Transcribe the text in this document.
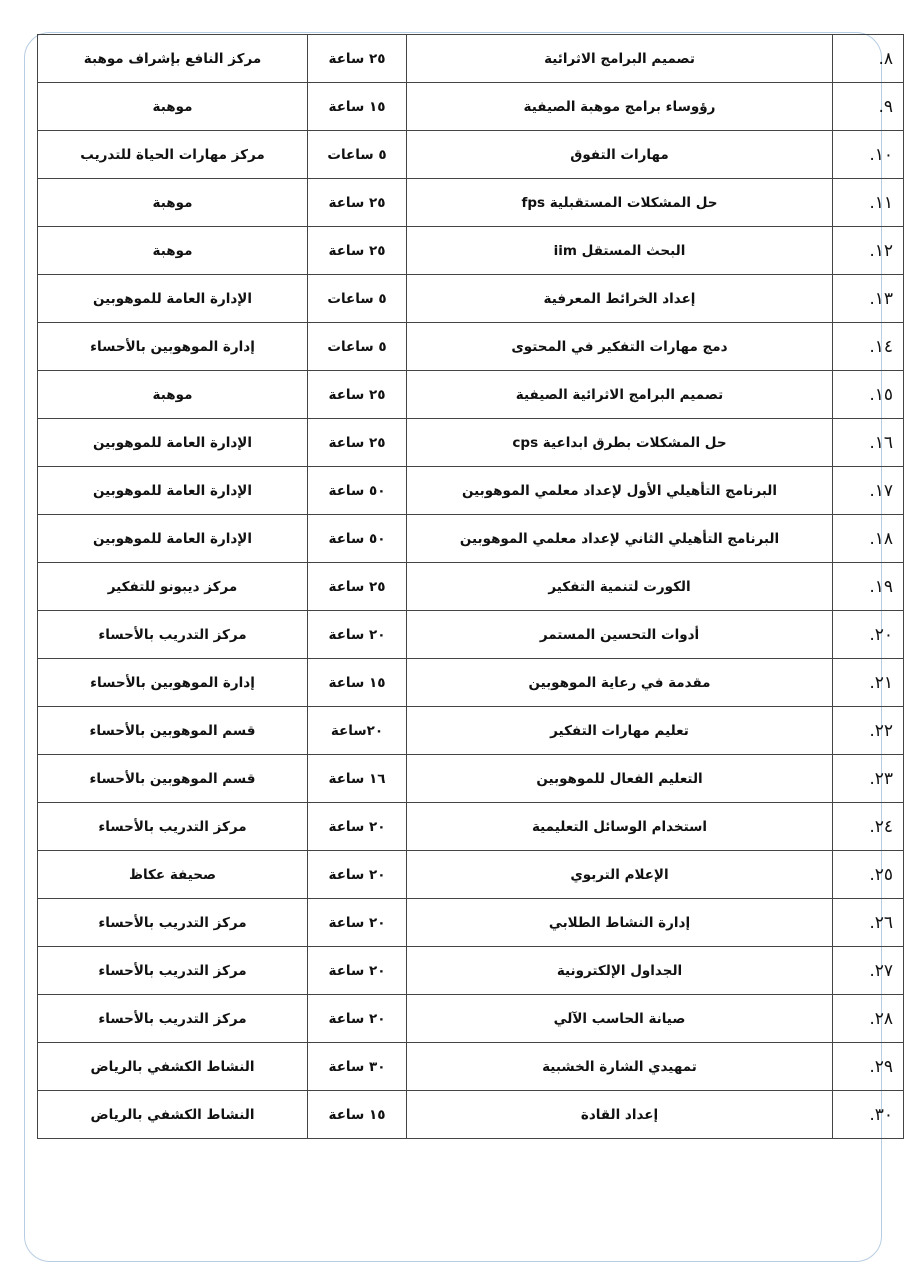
٨.	تصميم البرامج الاثرائية	٢٥ ساعة	مركز النافع بإشراف موهبة
٩.	رؤوساء برامج موهبة الصيفية	١٥ ساعة	موهبة
١٠.	مهارات التفوق	٥ ساعات	مركز مهارات الحياة للتدريب
١١.	حل المشكلات المستقبلية fps	٢٥ ساعة	موهبة
١٢.	البحث المستقل iim	٢٥ ساعة	موهبة
١٣.	إعداد الخرائط المعرفية	٥ ساعات	الإدارة العامة للموهوبين
١٤.	دمج مهارات التفكير في المحتوى	٥ ساعات	إدارة الموهوبين بالأحساء
١٥.	تصميم البرامج الاثرائية الصيفية	٢٥ ساعة	موهبة
١٦.	حل المشكلات بطرق ابداعية cps	٢٥ ساعة	الإدارة العامة للموهوبين
١٧.	البرنامج التأهيلي الأول لإعداد معلمي الموهوبين	٥٠ ساعة	الإدارة العامة للموهوبين
١٨.	البرنامج التأهيلي الثاني لإعداد معلمي الموهوبين	٥٠ ساعة	الإدارة العامة للموهوبين
١٩.	الكورت لتنمية التفكير	٢٥ ساعة	مركز ديبونو للتفكير
٢٠.	أدوات التحسين المستمر	٢٠ ساعة	مركز التدريب بالأحساء
٢١.	مقدمة في رعاية الموهوبين	١٥ ساعة	إدارة الموهوبين بالأحساء
٢٢.	تعليم مهارات التفكير	٢٠ساعة	قسم الموهوبين بالأحساء
٢٣.	التعليم الفعال للموهوبين	١٦ ساعة	قسم الموهوبين بالأحساء
٢٤.	استخدام الوسائل التعليمية	٢٠ ساعة	مركز التدريب بالأحساء
٢٥.	الإعلام التربوي	٢٠ ساعة	صحيفة عكاظ
٢٦.	إدارة النشاط الطلابي	٢٠ ساعة	مركز التدريب بالأحساء
٢٧.	الجداول الإلكترونية	٢٠ ساعة	مركز التدريب بالأحساء
٢٨.	صيانة الحاسب الآلي	٢٠ ساعة	مركز التدريب بالأحساء
٢٩.	تمهيدي الشارة الخشبية	٣٠ ساعة	النشاط الكشفي بالرياض
٣٠.	إعداد القادة	١٥ ساعة	النشاط الكشفي بالرياض
